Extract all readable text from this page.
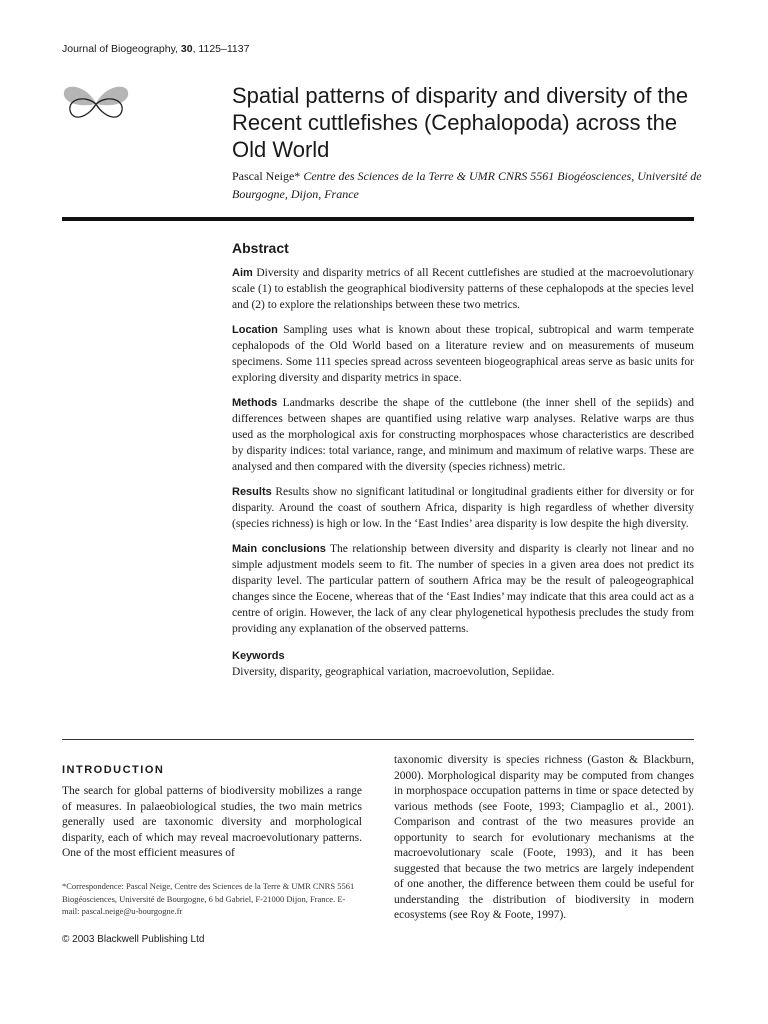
Journal of Biogeography, 30, 1125–1137
Spatial patterns of disparity and diversity of the Recent cuttlefishes (Cephalopoda) across the Old World
Pascal Neige* Centre des Sciences de la Terre & UMR CNRS 5561 Biogéosciences, Université de Bourgogne, Dijon, France
Abstract

Aim Diversity and disparity metrics of all Recent cuttlefishes are studied at the macroevolutionary scale (1) to establish the geographical biodiversity patterns of these cephalopods at the species level and (2) to explore the relationships between these two metrics.

Location Sampling uses what is known about these tropical, subtropical and warm temperate cephalopods of the Old World based on a literature review and on measurements of museum specimens. Some 111 species spread across seventeen biogeographical areas serve as basic units for exploring diversity and disparity metrics in space.

Methods Landmarks describe the shape of the cuttlebone (the inner shell of the sepiids) and differences between shapes are quantified using relative warp analyses. Relative warps are thus used as the morphological axis for constructing morphospaces whose characteristics are described by disparity indices: total variance, range, and minimum and maximum of relative warps. These are analysed and then compared with the diversity (species richness) metric.

Results Results show no significant latitudinal or longitudinal gradients either for diversity or for disparity. Around the coast of southern Africa, disparity is high regardless of whether diversity (species richness) is high or low. In the ‘East Indies’ area disparity is low despite the high diversity.

Main conclusions The relationship between diversity and disparity is clearly not linear and no simple adjustment models seem to fit. The number of species in a given area does not predict its disparity level. The particular pattern of southern Africa may be the result of paleogeographical changes since the Eocene, whereas that of the ‘East Indies’ may indicate that this area could act as a centre of origin. However, the lack of any clear phylogenetical hypothesis precludes the study from providing any explanation of the observed patterns.

Keywords
Diversity, disparity, geographical variation, macroevolution, Sepiidae.
INTRODUCTION

The search for global patterns of biodiversity mobilizes a range of measures. In palaeobiological studies, the two main metrics generally used are taxonomic diversity and morphological disparity, each of which may reveal macroevolutionary patterns. One of the most efficient measures of

taxonomic diversity is species richness (Gaston & Blackburn, 2000). Morphological disparity may be computed from changes in morphospace occupation patterns in time or space detected by various methods (see Foote, 1993; Ciampaglio et al., 2001). Comparison and contrast of the two measures provide an opportunity to search for evolutionary mechanisms at the macroevolutionary scale (Foote, 1993), and it has been suggested that because the two metrics are largely independent of one another, the difference between them could be useful for understanding the distribution of biodiversity in modern ecosystems (see Roy & Foote, 1997).

*Correspondence: Pascal Neige, Centre des Sciences de la Terre & UMR CNRS 5561 Biogéosciences, Université de Bourgogne, 6 bd Gabriel, F-21000 Dijon, France. E-mail: pascal.neige@u-bourgogne.fr
© 2003 Blackwell Publishing Ltd
